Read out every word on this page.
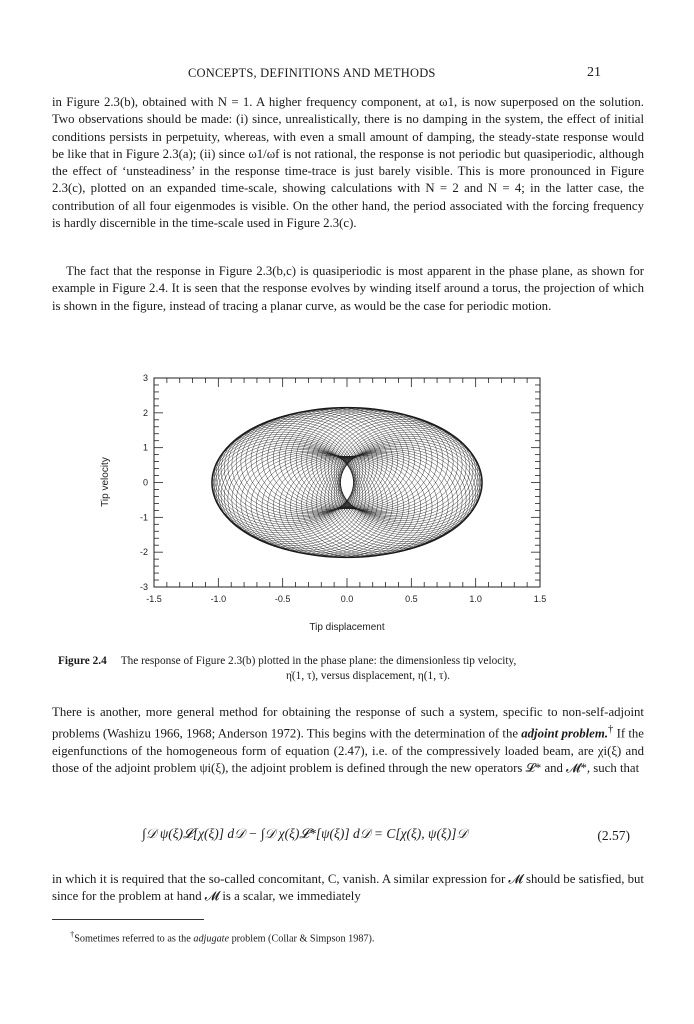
CONCEPTS, DEFINITIONS AND METHODS	21
in Figure 2.3(b), obtained with N = 1. A higher frequency component, at ω1, is now superposed on the solution. Two observations should be made: (i) since, unrealistically, there is no damping in the system, the effect of initial conditions persists in perpetuity, whereas, with even a small amount of damping, the steady-state response would be like that in Figure 2.3(a); (ii) since ω1/ωf is not rational, the response is not periodic but quasiperiodic, although the effect of ‘unsteadiness’ in the response time-trace is just barely visible. This is more pronounced in Figure 2.3(c), plotted on an expanded time-scale, showing calculations with N = 2 and N = 4; in the latter case, the contribution of all four eigenmodes is visible. On the other hand, the period associated with the forcing frequency is hardly discernible in the time-scale used in Figure 2.3(c).
The fact that the response in Figure 2.3(b,c) is quasiperiodic is most apparent in the phase plane, as shown for example in Figure 2.4. It is seen that the response evolves by winding itself around a torus, the projection of which is shown in the figure, instead of tracing a planar curve, as would be the case for periodic motion.
-1.5	-1.0	-0.5	0.0	0.5	1.0	1.5
3
2
1
0
-1
-2
-3
Tip displacement
Tip velocity
Figure 2.4 The response of Figure 2.3(b) plotted in the phase plane: the dimensionless tip velocity,
η̇(1, τ), versus displacement, η(1, τ).
There is another, more general method for obtaining the response of such a system, specific to non-self-adjoint problems (Washizu 1966, 1968; Anderson 1972). This begins with the determination of the adjoint problem.† If the eigenfunctions of the homogeneous form of equation (2.47), i.e. of the compressively loaded beam, are χi(ξ) and those of the adjoint problem ψi(ξ), the adjoint problem is defined through the new operators 𝓛* and 𝓜*, such that
∫𝒟 ψ(ξ)𝓛[χ(ξ)] d𝒟 − ∫𝒟 χ(ξ)𝓛*[ψ(ξ)] d𝒟 = C[χ(ξ), ψ(ξ)]𝒟	(2.57)
in which it is required that the so-called concomitant, C, vanish. A similar expression for 𝓜 should be satisfied, but since for the problem at hand 𝓜 is a scalar, we immediately
†Sometimes referred to as the adjugate problem (Collar & Simpson 1987).
